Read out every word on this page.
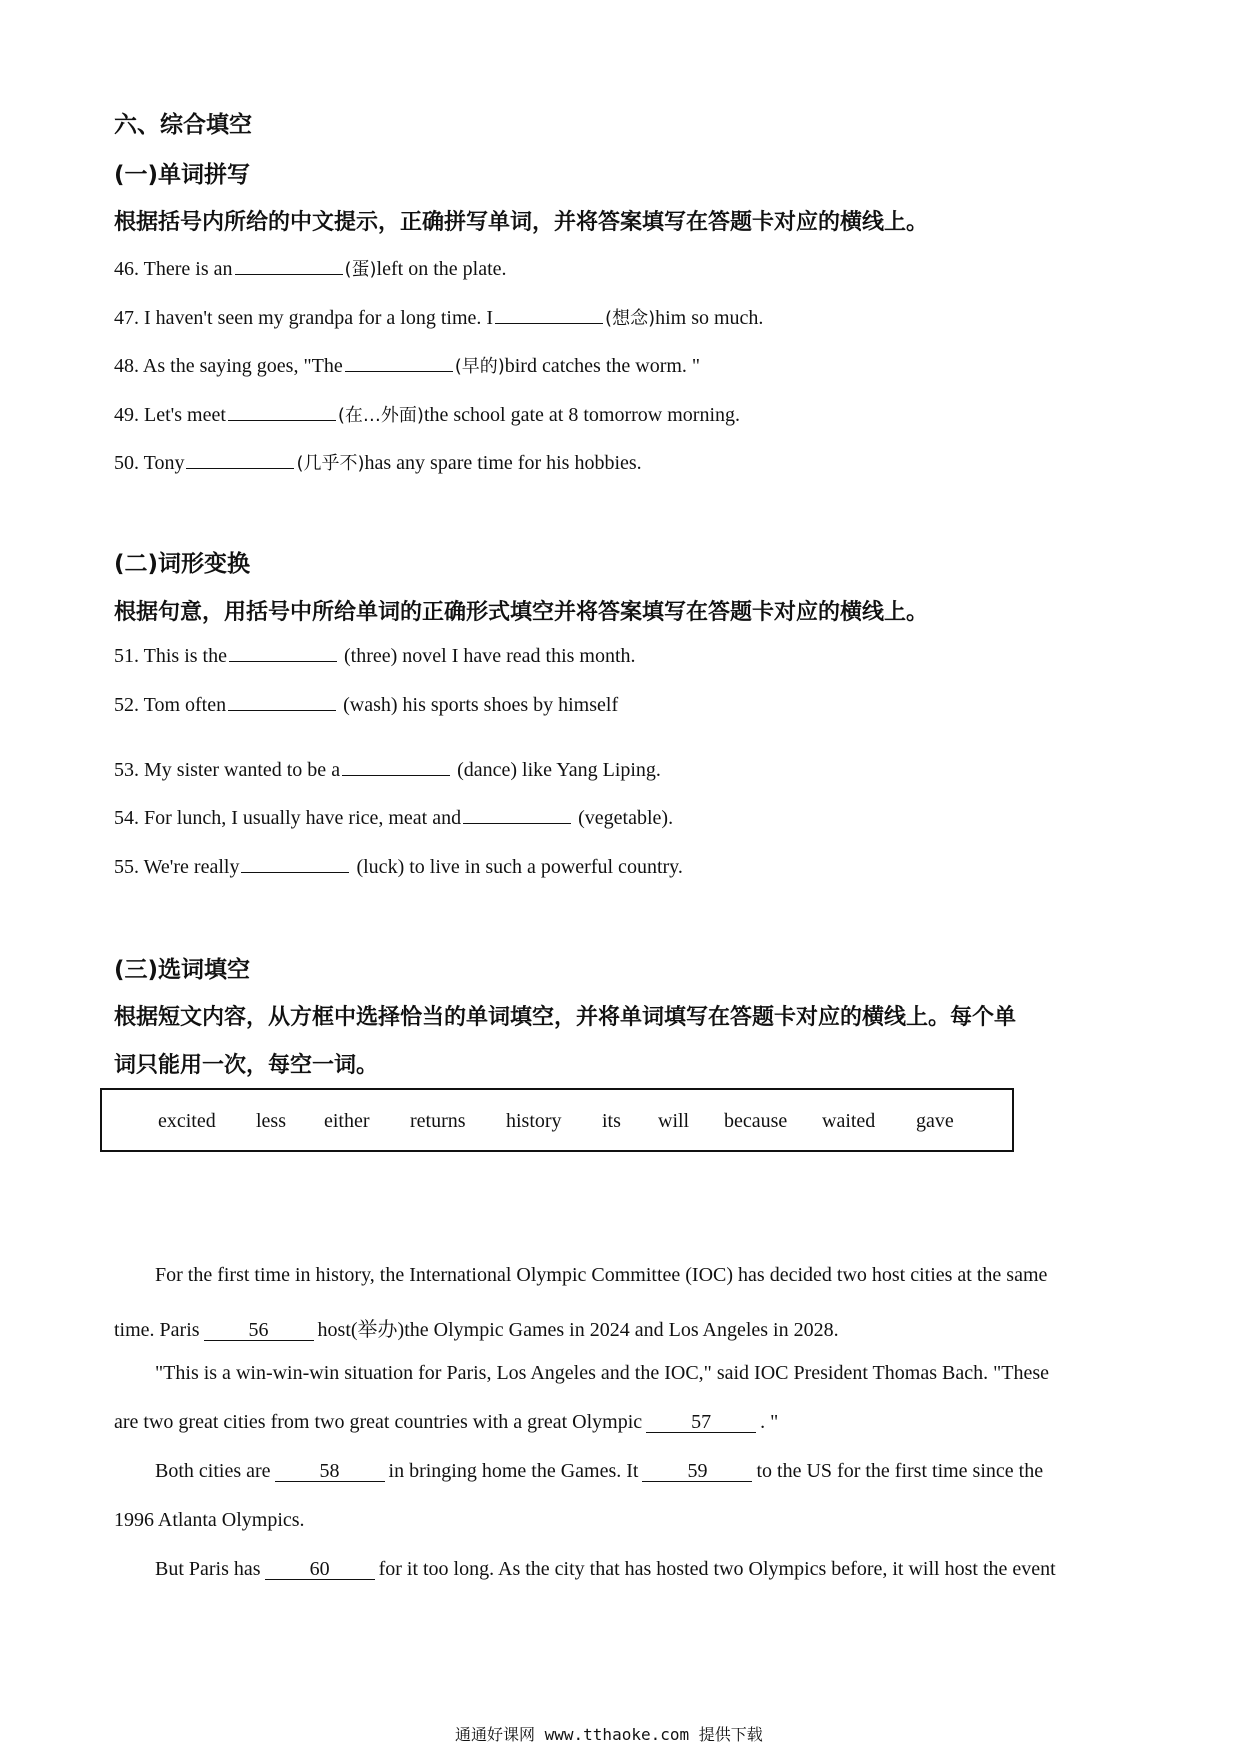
六、综合填空
(一)单词拼写
根据括号内所给的中文提示，正确拼写单词，并将答案填写在答题卡对应的横线上。
46. There is an	(蛋)left on the plate.
47. I haven't seen my grandpa for a long time. I	(想念)him so much.
48. As the saying goes, "The	(早的)bird catches the worm. "
49. Let's meet	(在…外面)the school gate at 8 tomorrow morning.
50. Tony	(几乎不)has any spare time for his hobbies.
(二)词形变换
根据句意，用括号中所给单词的正确形式填空并将答案填写在答题卡对应的横线上。
51. This is the	(three) novel I have read this month.
52. Tom often	(wash) his sports shoes by himself
53. My sister wanted to be a	(dance) like Yang Liping.
54. For lunch, I usually have rice, meat and	(vegetable).
55. We're really	(luck) to live in such a powerful country.
(三)选词填空
根据短文内容，从方框中选择恰当的单词填空，并将单词填写在答题卡对应的横线上。每个单
词只能用一次，每空一词。
excited less either returns history its will because waited gave
For the first time in history, the International Olympic Committee (IOC) has decided two host cities at the same
time. Paris 56 host(举办)the Olympic Games in 2024 and Los Angeles in 2028.
"This is a win-win-win situation for Paris, Los Angeles and the IOC," said IOC President Thomas Bach. "These
are two great cities from two great countries with a great Olympic 57 . "
Both cities are 58 in bringing home the Games. It 59 to the US for the first time since the
1996 Atlanta Olympics.
But Paris has 60 for it too long. As the city that has hosted two Olympics before, it will host the event
通通好课网 www.tthaoke.com 提供下载
